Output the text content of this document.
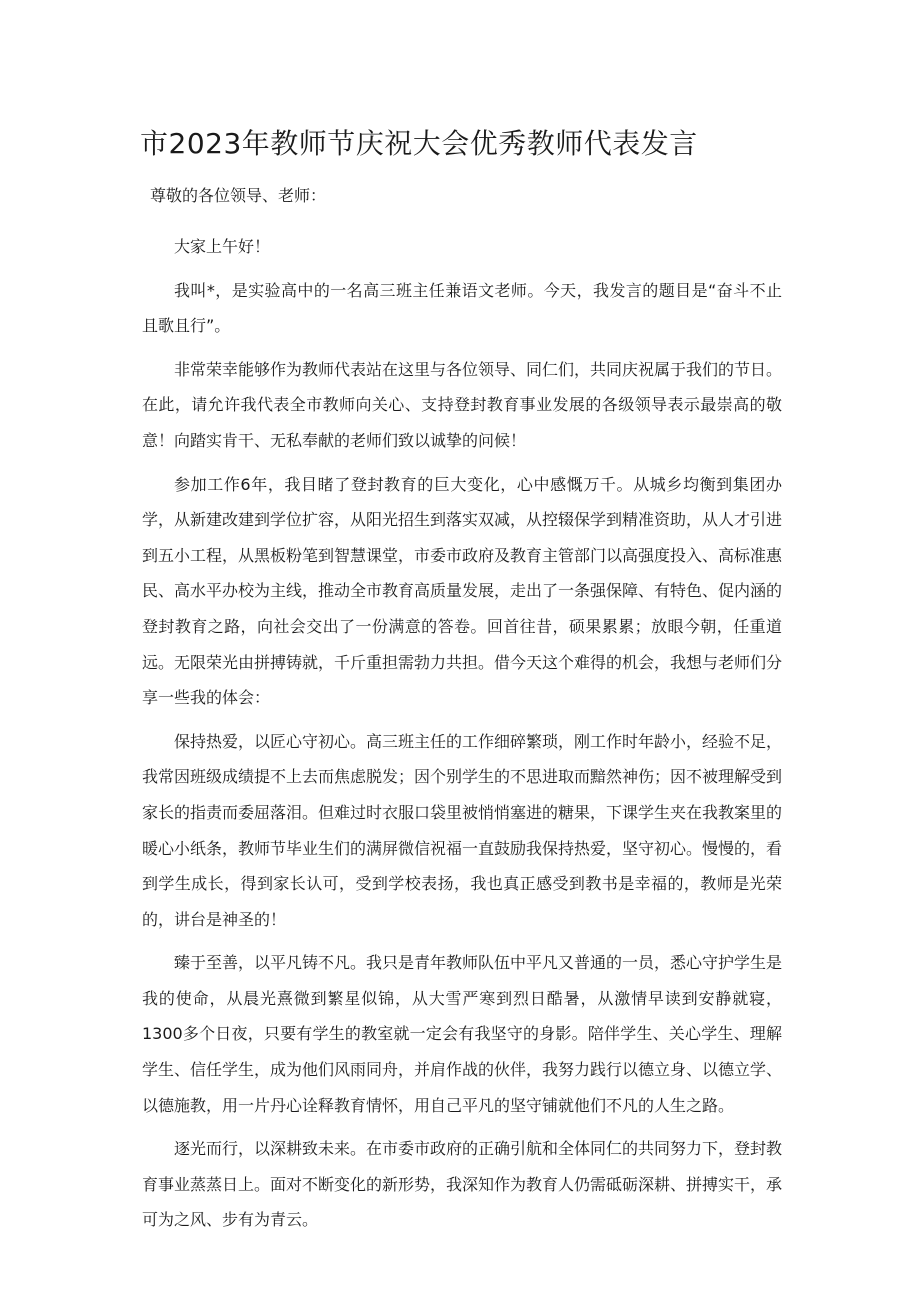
市2023年教师节庆祝大会优秀教师代表发言

尊敬的各位领导、老师：

大家上午好！

我叫*，是实验高中的一名高三班主任兼语文老师。今天，我发言的题目是“奋斗不止且歌且行”。

非常荣幸能够作为教师代表站在这里与各位领导、同仁们，共同庆祝属于我们的节日。在此，请允许我代表全市教师向关心、支持登封教育事业发展的各级领导表示最崇高的敬意！向踏实肯干、无私奉献的老师们致以诚挚的问候！

参加工作6年，我目睹了登封教育的巨大变化，心中感慨万千。从城乡均衡到集团办学，从新建改建到学位扩容，从阳光招生到落实双减，从控辍保学到精准资助，从人才引进到五小工程，从黑板粉笔到智慧课堂，市委市政府及教育主管部门以高强度投入、高标准惠民、高水平办校为主线，推动全市教育高质量发展，走出了一条强保障、有特色、促内涵的登封教育之路，向社会交出了一份满意的答卷。回首往昔，硕果累累；放眼今朝，任重道远。无限荣光由拼搏铸就，千斤重担需勃力共担。借今天这个难得的机会，我想与老师们分享一些我的体会：

保持热爱，以匠心守初心。高三班主任的工作细碎繁琐，刚工作时年龄小，经验不足，我常因班级成绩提不上去而焦虑脱发；因个别学生的不思进取而黯然神伤；因不被理解受到家长的指责而委屈落泪。但难过时衣服口袋里被悄悄塞进的糖果，下课学生夹在我教案里的暖心小纸条，教师节毕业生们的满屏微信祝福一直鼓励我保持热爱，坚守初心。慢慢的，看到学生成长，得到家长认可，受到学校表扬，我也真正感受到教书是幸福的，教师是光荣的，讲台是神圣的！

臻于至善，以平凡铸不凡。我只是青年教师队伍中平凡又普通的一员，悉心守护学生是我的使命，从晨光熹微到繁星似锦，从大雪严寒到烈日酷暑，从激情早读到安静就寝，1300多个日夜，只要有学生的教室就一定会有我坚守的身影。陪伴学生、关心学生、理解学生、信任学生，成为他们风雨同舟，并肩作战的伙伴，我努力践行以德立身、以德立学、以德施教，用一片丹心诠释教育情怀，用自己平凡的坚守铺就他们不凡的人生之路。

逐光而行，以深耕致未来。在市委市政府的正确引航和全体同仁的共同努力下，登封教育事业蒸蒸日上。面对不断变化的新形势，我深知作为教育人仍需砥砺深耕、拼搏实干，承可为之风、步有为青云。
